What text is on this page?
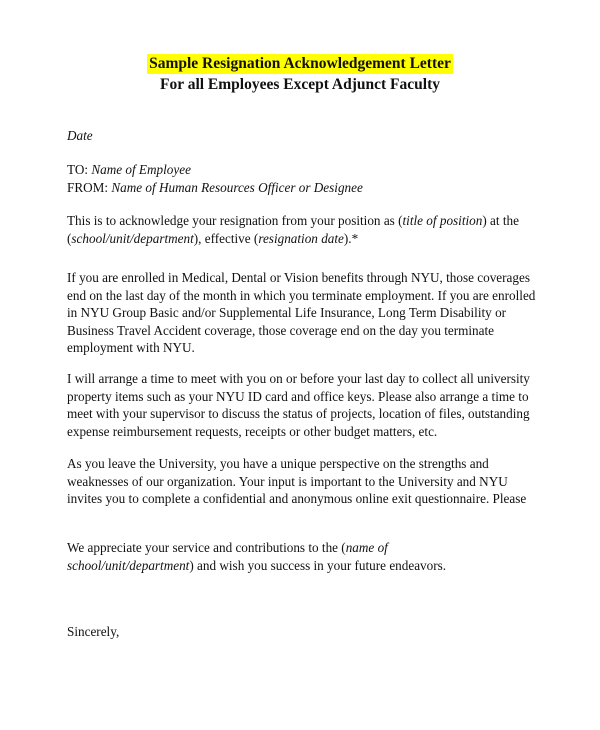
Sample Resignation Acknowledgement Letter
For all Employees Except Adjunct Faculty
Date
TO: Name of Employee
FROM: Name of Human Resources Officer or Designee
This is to acknowledge your resignation from your position as (title of position) at the
(school/unit/department), effective (resignation date).*
If you are enrolled in Medical, Dental or Vision benefits through NYU, those coverages
end on the last day of the month in which you terminate employment. If you are enrolled
in NYU Group Basic and/or Supplemental Life Insurance, Long Term Disability or
Business Travel Accident coverage, those coverage end on the day you terminate
employment with NYU.
I will arrange a time to meet with you on or before your last day to collect all university
property items such as your NYU ID card and office keys. Please also arrange a time to
meet with your supervisor to discuss the status of projects, location of files, outstanding
expense reimbursement requests, receipts or other budget matters, etc.
As you leave the University, you have a unique perspective on the strengths and
weaknesses of our organization. Your input is important to the University and NYU
invites you to complete a confidential and anonymous online exit questionnaire. Please
We appreciate your service and contributions to the (name of
school/unit/department) and wish you success in your future endeavors.
Sincerely,
